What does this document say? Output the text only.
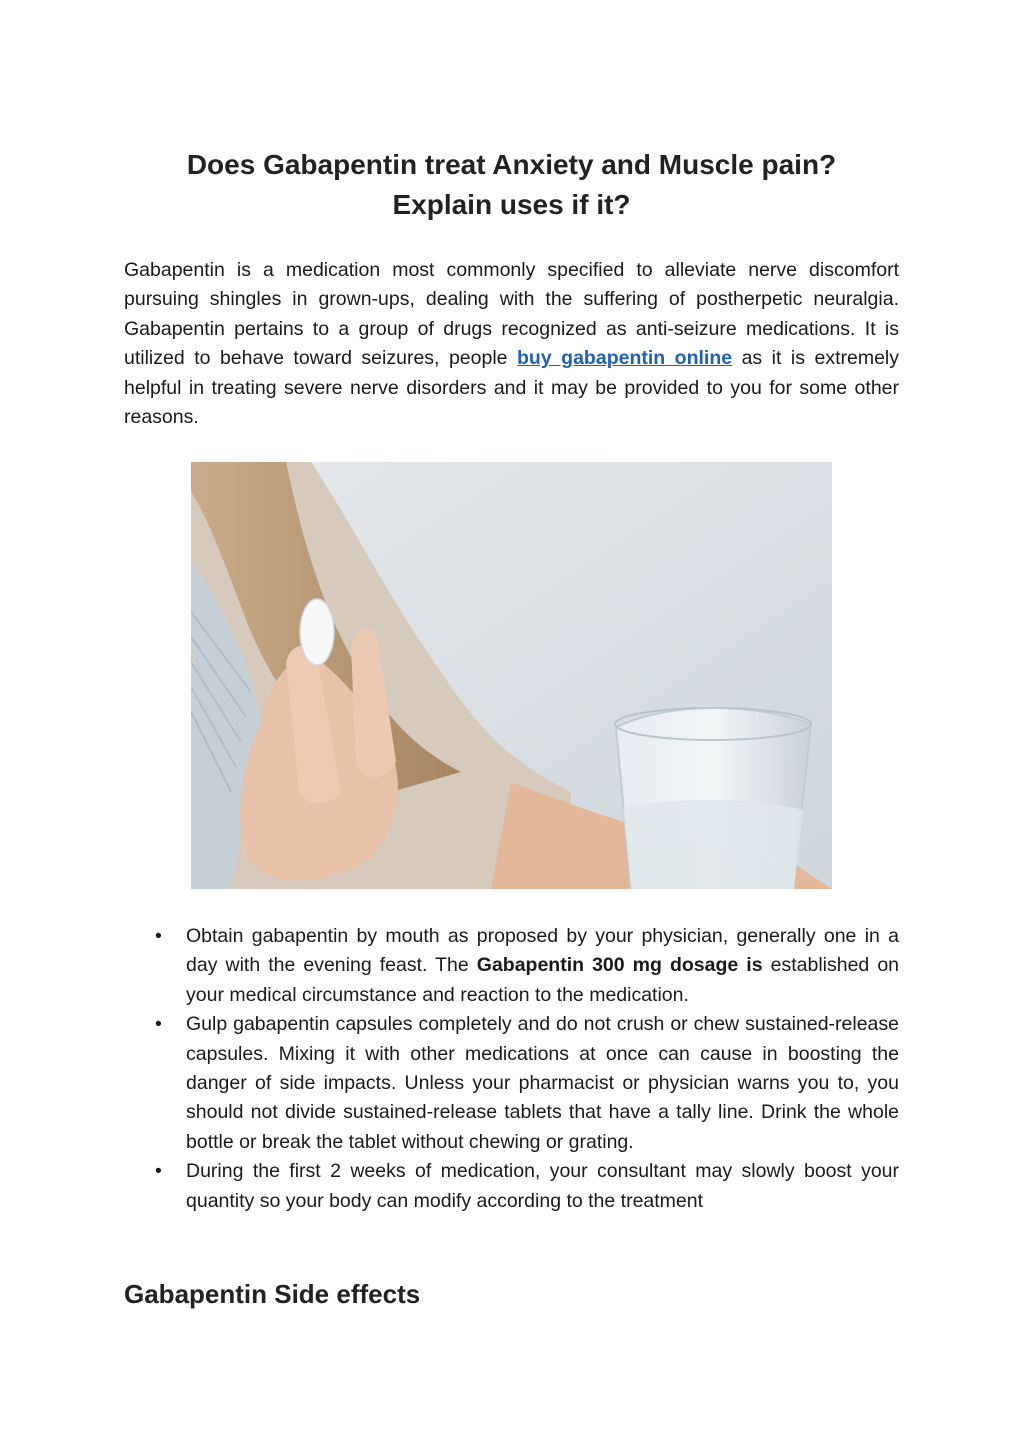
Does Gabapentin treat Anxiety and Muscle pain?
Explain uses if it?

Gabapentin is a medication most commonly specified to alleviate nerve discomfort pursuing shingles in grown-ups, dealing with the suffering of postherpetic neuralgia. Gabapentin pertains to a group of drugs recognized as anti-seizure medications. It is utilized to behave toward seizures, people buy gabapentin online as it is extremely helpful in treating severe nerve disorders and it may be provided to you for some other reasons.

• Obtain gabapentin by mouth as proposed by your physician, generally one in a day with the evening feast. The Gabapentin 300 mg dosage is established on your medical circumstance and reaction to the medication.
• Gulp gabapentin capsules completely and do not crush or chew sustained-release capsules. Mixing it with other medications at once can cause in boosting the danger of side impacts. Unless your pharmacist or physician warns you to, you should not divide sustained-release tablets that have a tally line. Drink the whole bottle or break the tablet without chewing or grating.
• During the first 2 weeks of medication, your consultant may slowly boost your quantity so your body can modify according to the treatment
Gabapentin Side effects
